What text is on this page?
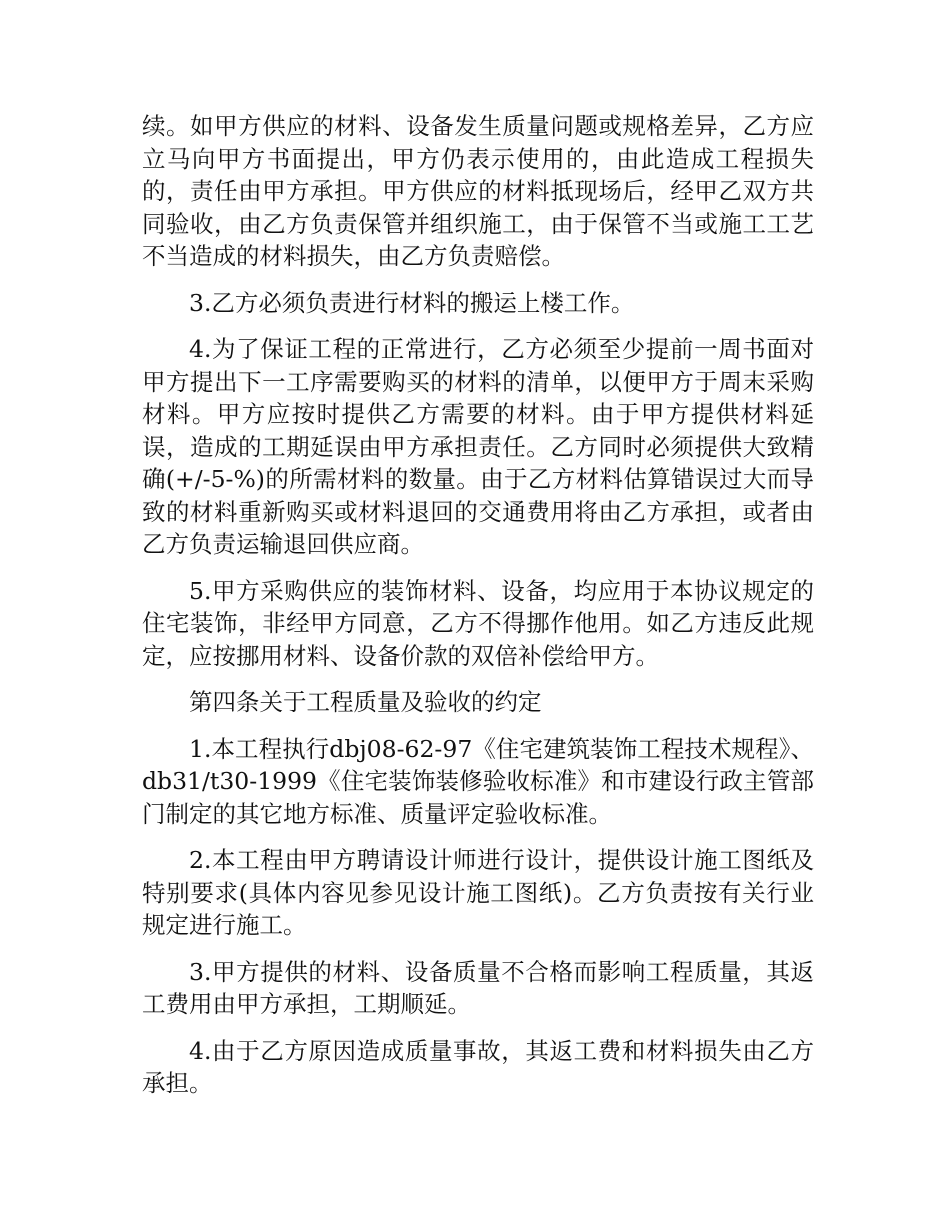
续。如甲方供应的材料、设备发生质量问题或规格差异，乙方应立马向甲方书面提出，甲方仍表示使用的，由此造成工程损失的，责任由甲方承担。甲方供应的材料抵现场后，经甲乙双方共同验收，由乙方负责保管并组织施工，由于保管不当或施工工艺不当造成的材料损失，由乙方负责赔偿。

3.乙方必须负责进行材料的搬运上楼工作。

4.为了保证工程的正常进行，乙方必须至少提前一周书面对甲方提出下一工序需要购买的材料的清单，以便甲方于周末采购材料。甲方应按时提供乙方需要的材料。由于甲方提供材料延误，造成的工期延误由甲方承担责任。乙方同时必须提供大致精确(+/-5-%)的所需材料的数量。由于乙方材料估算错误过大而导致的材料重新购买或材料退回的交通费用将由乙方承担，或者由乙方负责运输退回供应商。

5.甲方采购供应的装饰材料、设备，均应用于本协议规定的住宅装饰，非经甲方同意，乙方不得挪作他用。如乙方违反此规定，应按挪用材料、设备价款的双倍补偿给甲方。

第四条关于工程质量及验收的约定

1.本工程执行dbj08-62-97《住宅建筑装饰工程技术规程》、db31/t30-1999《住宅装饰装修验收标准》和市建设行政主管部门制定的其它地方标准、质量评定验收标准。

2.本工程由甲方聘请设计师进行设计，提供设计施工图纸及特别要求(具体内容见参见设计施工图纸)。乙方负责按有关行业规定进行施工。

3.甲方提供的材料、设备质量不合格而影响工程质量，其返工费用由甲方承担，工期顺延。

4.由于乙方原因造成质量事故，其返工费和材料损失由乙方承担。
